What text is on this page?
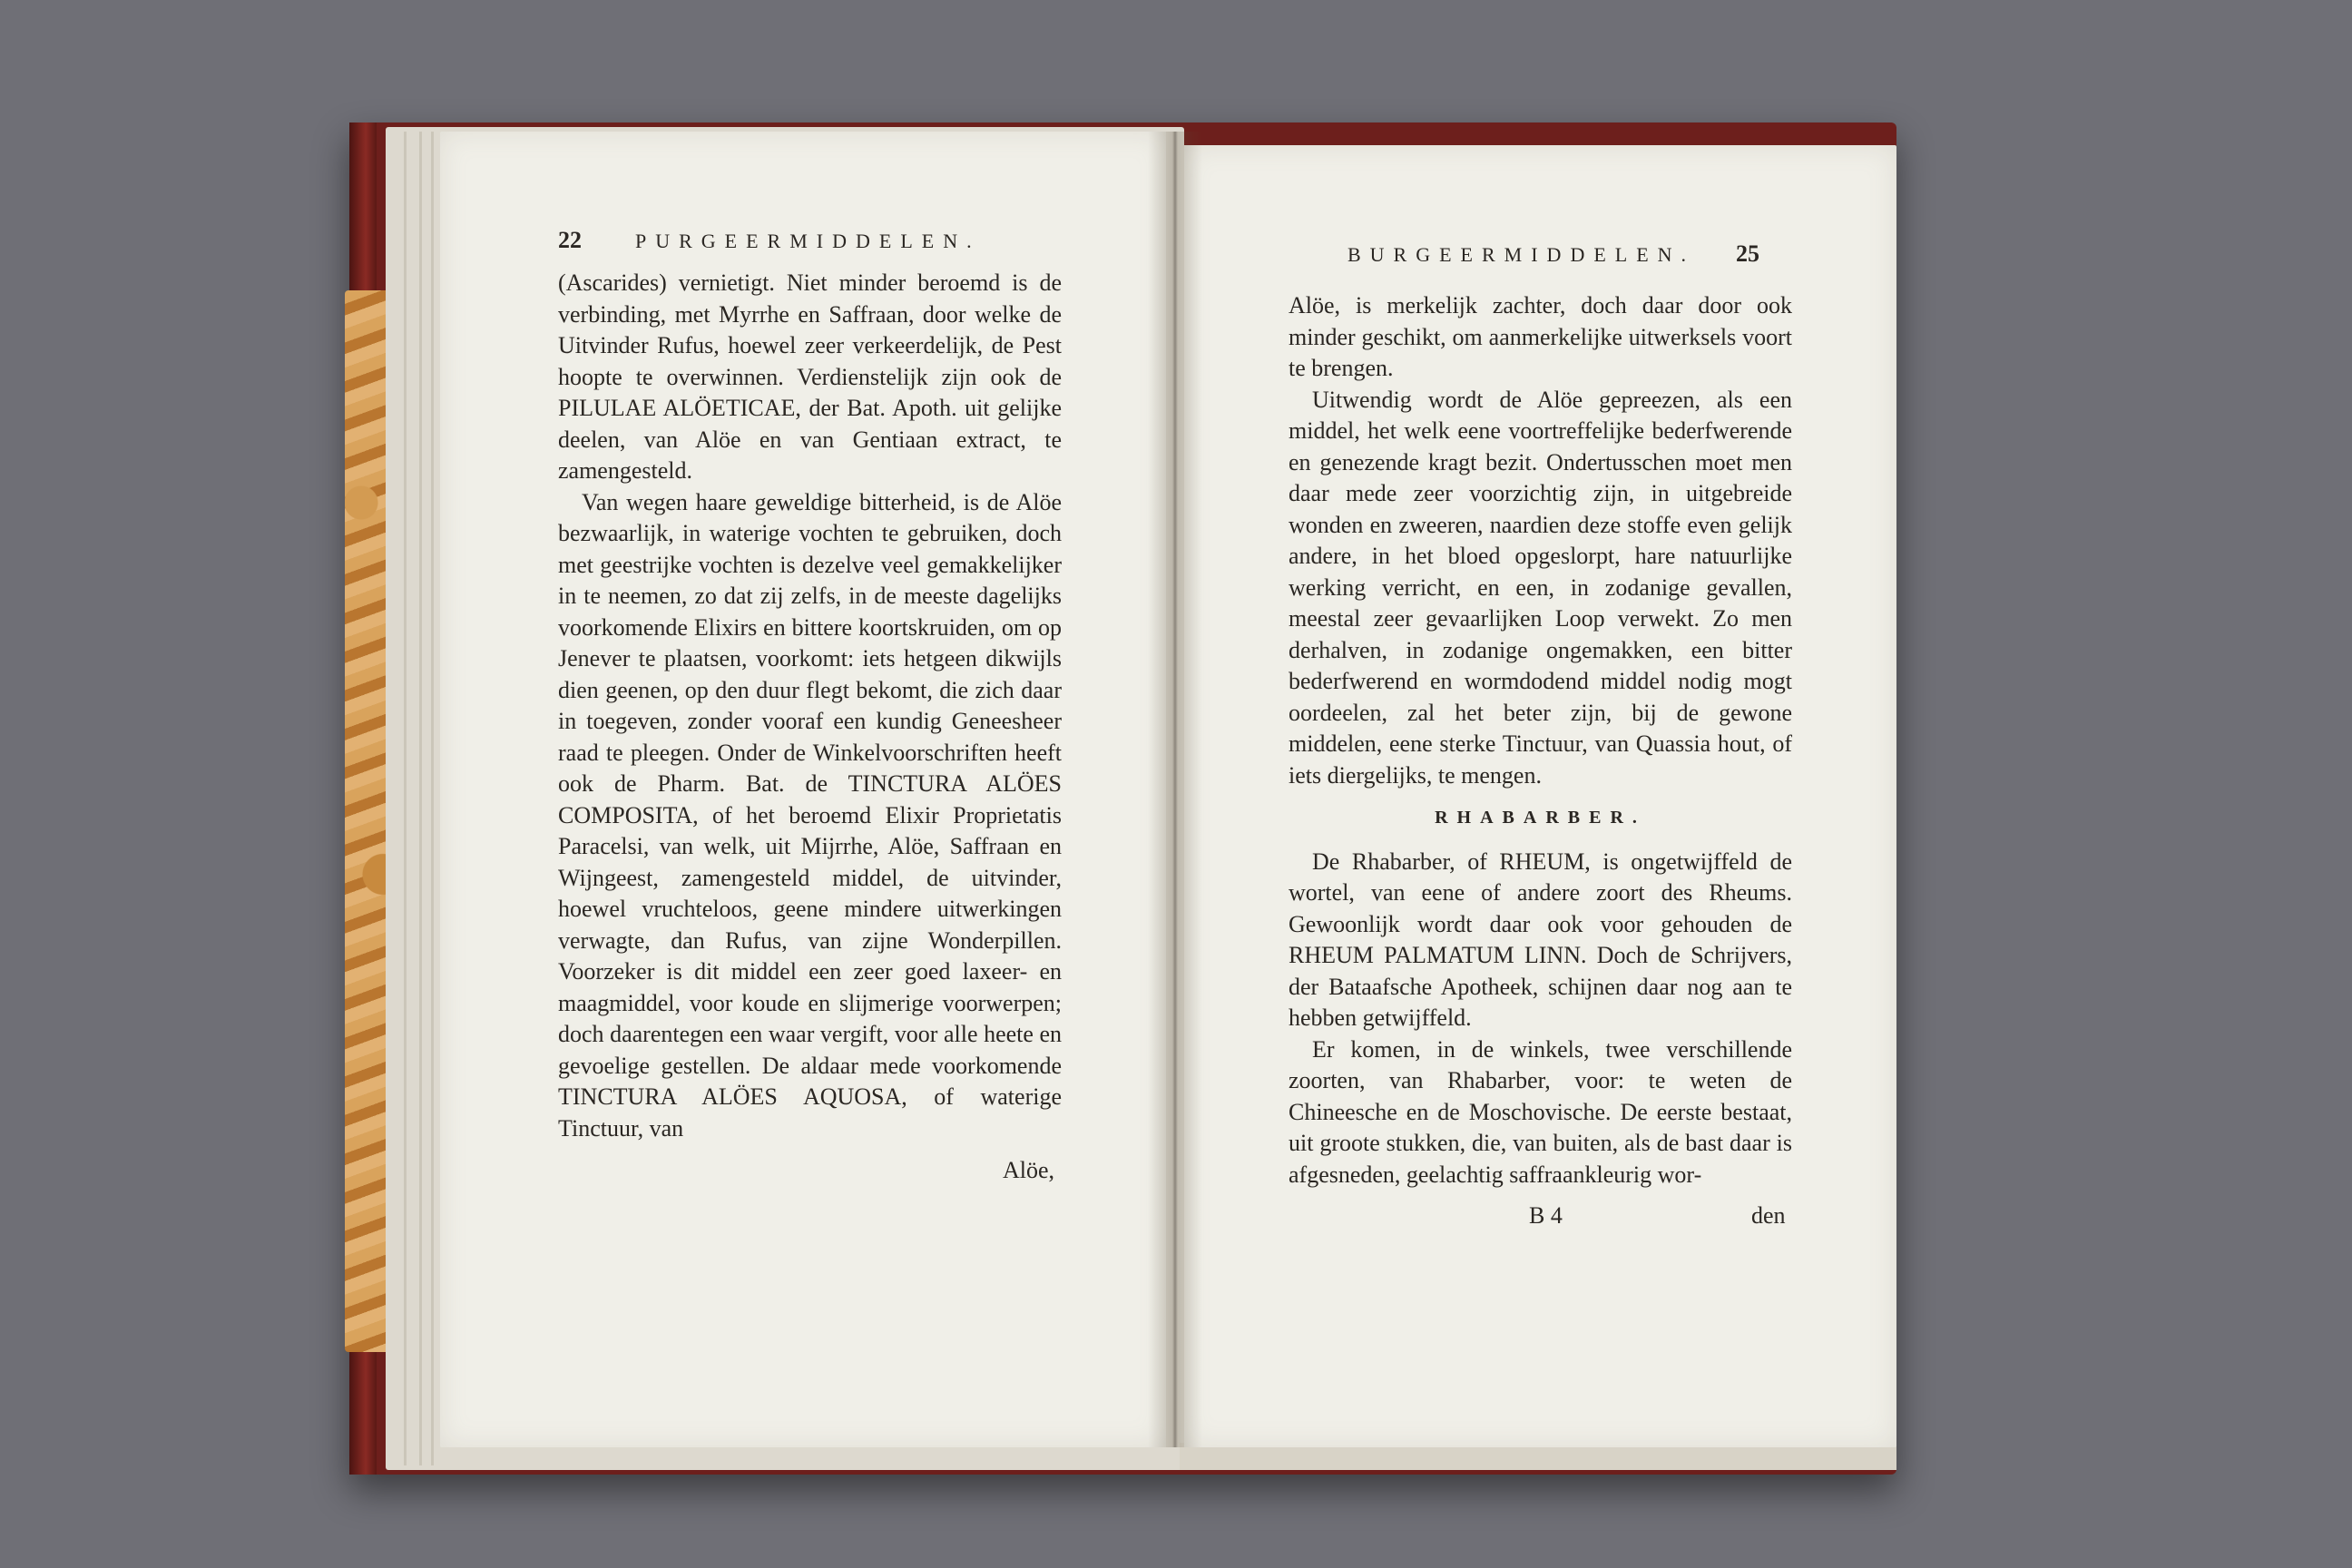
22	PURGEERMIDDELEN.

(Ascarides) vernietigt. Niet minder beroemd is de verbinding, met Myrrhe en Saffraan, door welke de Uitvinder Rufus, hoewel zeer verkeerdelijk, de Pest hoopte te overwinnen. Verdienstelijk zijn ook de PILULAE ALÖETICAE, der Bat. Apoth. uit gelijke deelen, van Alöe en van Gentiaan extract, te zamengesteld.

Van wegen haare geweldige bitterheid, is de Alöe bezwaarlijk, in waterige vochten te gebruiken, doch met geestrijke vochten is dezelve veel gemakkelijker in te neemen, zo dat zij zelfs, in de meeste dagelijks voorkomende Elixirs en bittere koortskruiden, om op Jenever te plaatsen, voorkomt: iets hetgeen dikwijls dien geenen, op den duur flegt bekomt, die zich daar in toegeven, zonder vooraf een kundig Geneesheer raad te pleegen. Onder de Winkelvoorschriften heeft ook de Pharm. Bat. de TINCTURA ALÖES COMPOSITA, of het beroemd Elixir Proprietatis Paracelsi, van welk, uit Mijrrhe, Alöe, Saffraan en Wijngeest, zamengesteld middel, de uitvinder, hoewel vruchteloos, geene mindere uitwerkingen verwagte, dan Rufus, van zijne Wonderpillen. Voorzeker is dit middel een zeer goed laxeer- en maagmiddel, voor koude en slijmerige voorwerpen; doch daarentegen een waar vergift, voor alle heete en gevoelige gestellen. De aldaar mede voorkomende TINCTURA ALÖES AQUOSA, of waterige Tinctuur, van

Alöe,
BURGEERMIDDELEN. 25

Alöe, is merkelijk zachter, doch daar door ook minder geschikt, om aanmerkelijke uitwerksels voort te brengen.

Uitwendig wordt de Alöe gepreezen, als een middel, het welk eene voortreffelijke bederfwerende en genezende kragt bezit. Ondertusschen moet men daar mede zeer voorzichtig zijn, in uitgebreide wonden en zweeren, naardien deze stoffe even gelijk andere, in het bloed opgeslorpt, hare natuurlijke werking verricht, en een, in zodanige gevallen, meestal zeer gevaarlijken Loop verwekt. Zo men derhalven, in zodanige ongemakken, een bitter bederfwerend en wormdodend middel nodig mogt oordeelen, zal het beter zijn, bij de gewone middelen, eene sterke Tinctuur, van Quassia hout, of iets diergelijks, te mengen.

RHABARBER.

De Rhabarber, of RHEUM, is ongetwijffeld de wortel, van eene of andere zoort des Rheums. Gewoonlijk wordt daar ook voor gehouden de RHEUM PALMATUM LINN. Doch de Schrijvers, der Bataafsche Apotheek, schijnen daar nog aan te hebben getwijffeld.

Er komen, in de winkels, twee verschillende zoorten, van Rhabarber, voor: te weten de Chineesche en de Moschovische. De eerste bestaat, uit groote stukken, die, van buiten, als de bast daar is afgesneden, geelachtig saffraankleurig wor-

B 4	den
